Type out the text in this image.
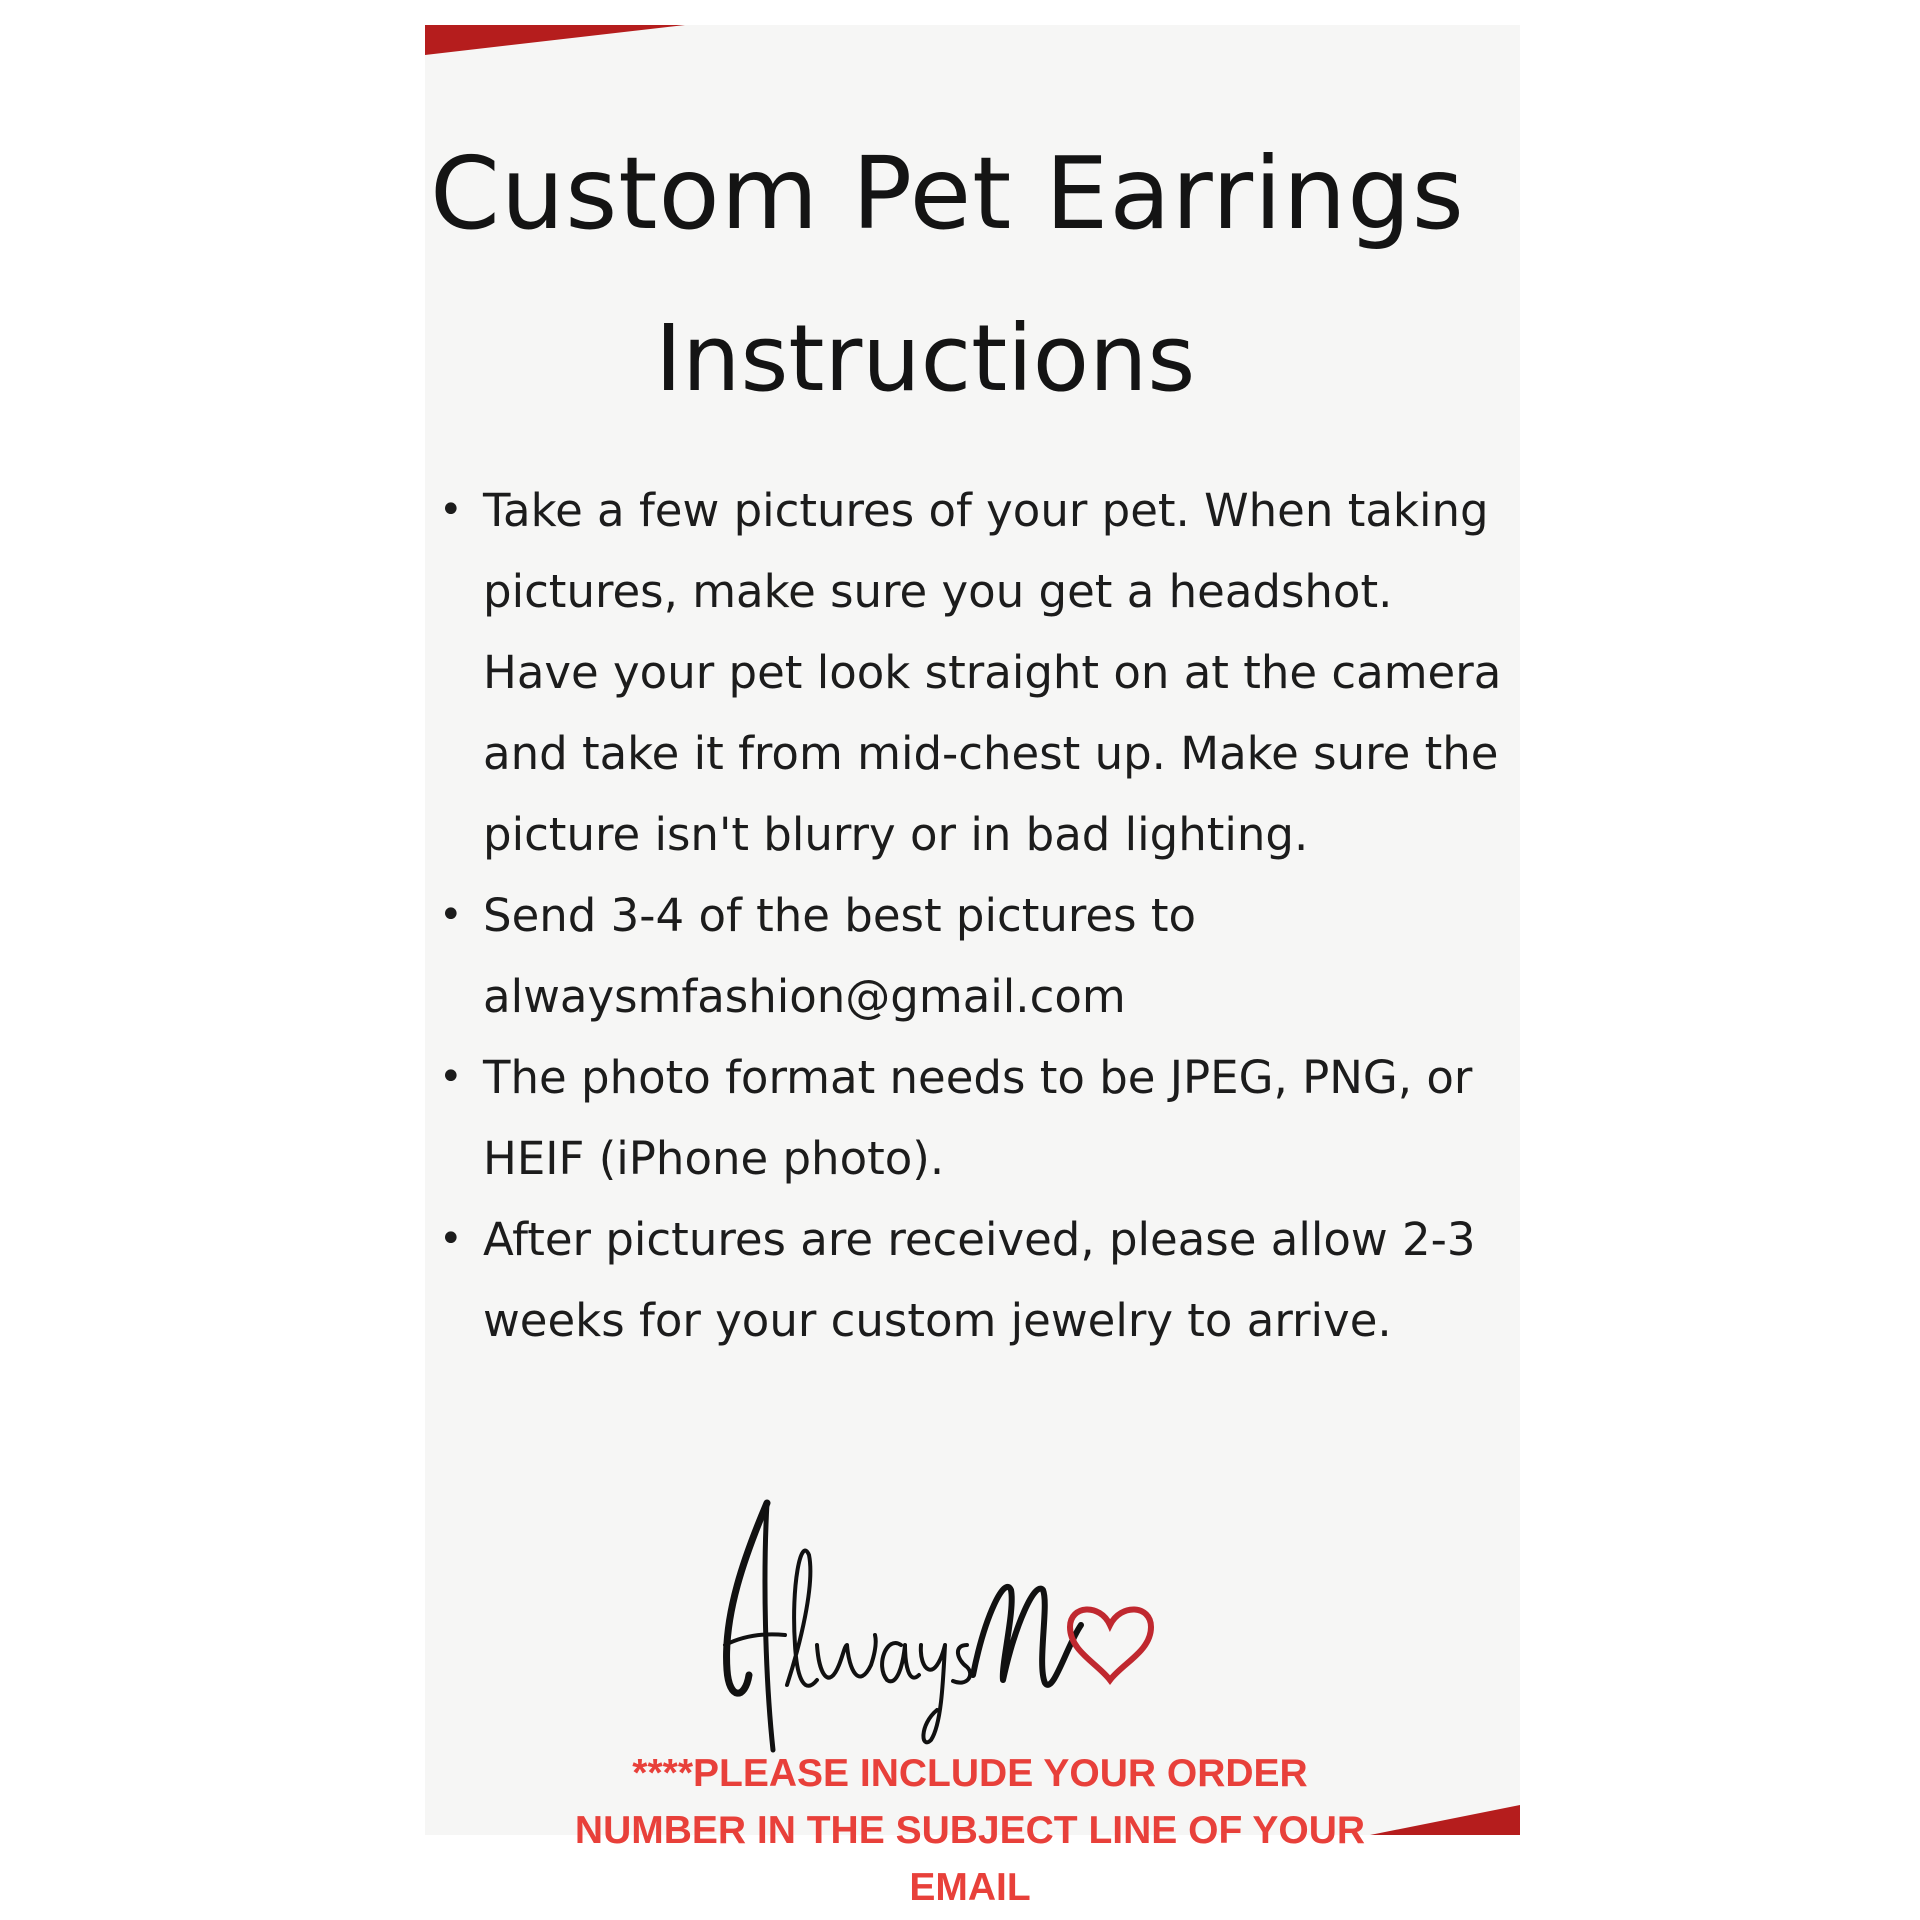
Custom Pet Earrings
Instructions
• Take a few pictures of your pet. When taking pictures, make sure you get a headshot. Have your pet look straight on at the camera and take it from mid-chest up. Make sure the picture isn't blurry or in bad lighting.
• Send 3-4 of the best pictures to alwaysmfashion@gmail.com
• The photo format needs to be JPEG, PNG, or HEIF (iPhone photo).
• After pictures are received, please allow 2-3 weeks for your custom jewelry to arrive.

****PLEASE INCLUDE YOUR ORDER NUMBER IN THE SUBJECT LINE OF YOUR EMAIL
